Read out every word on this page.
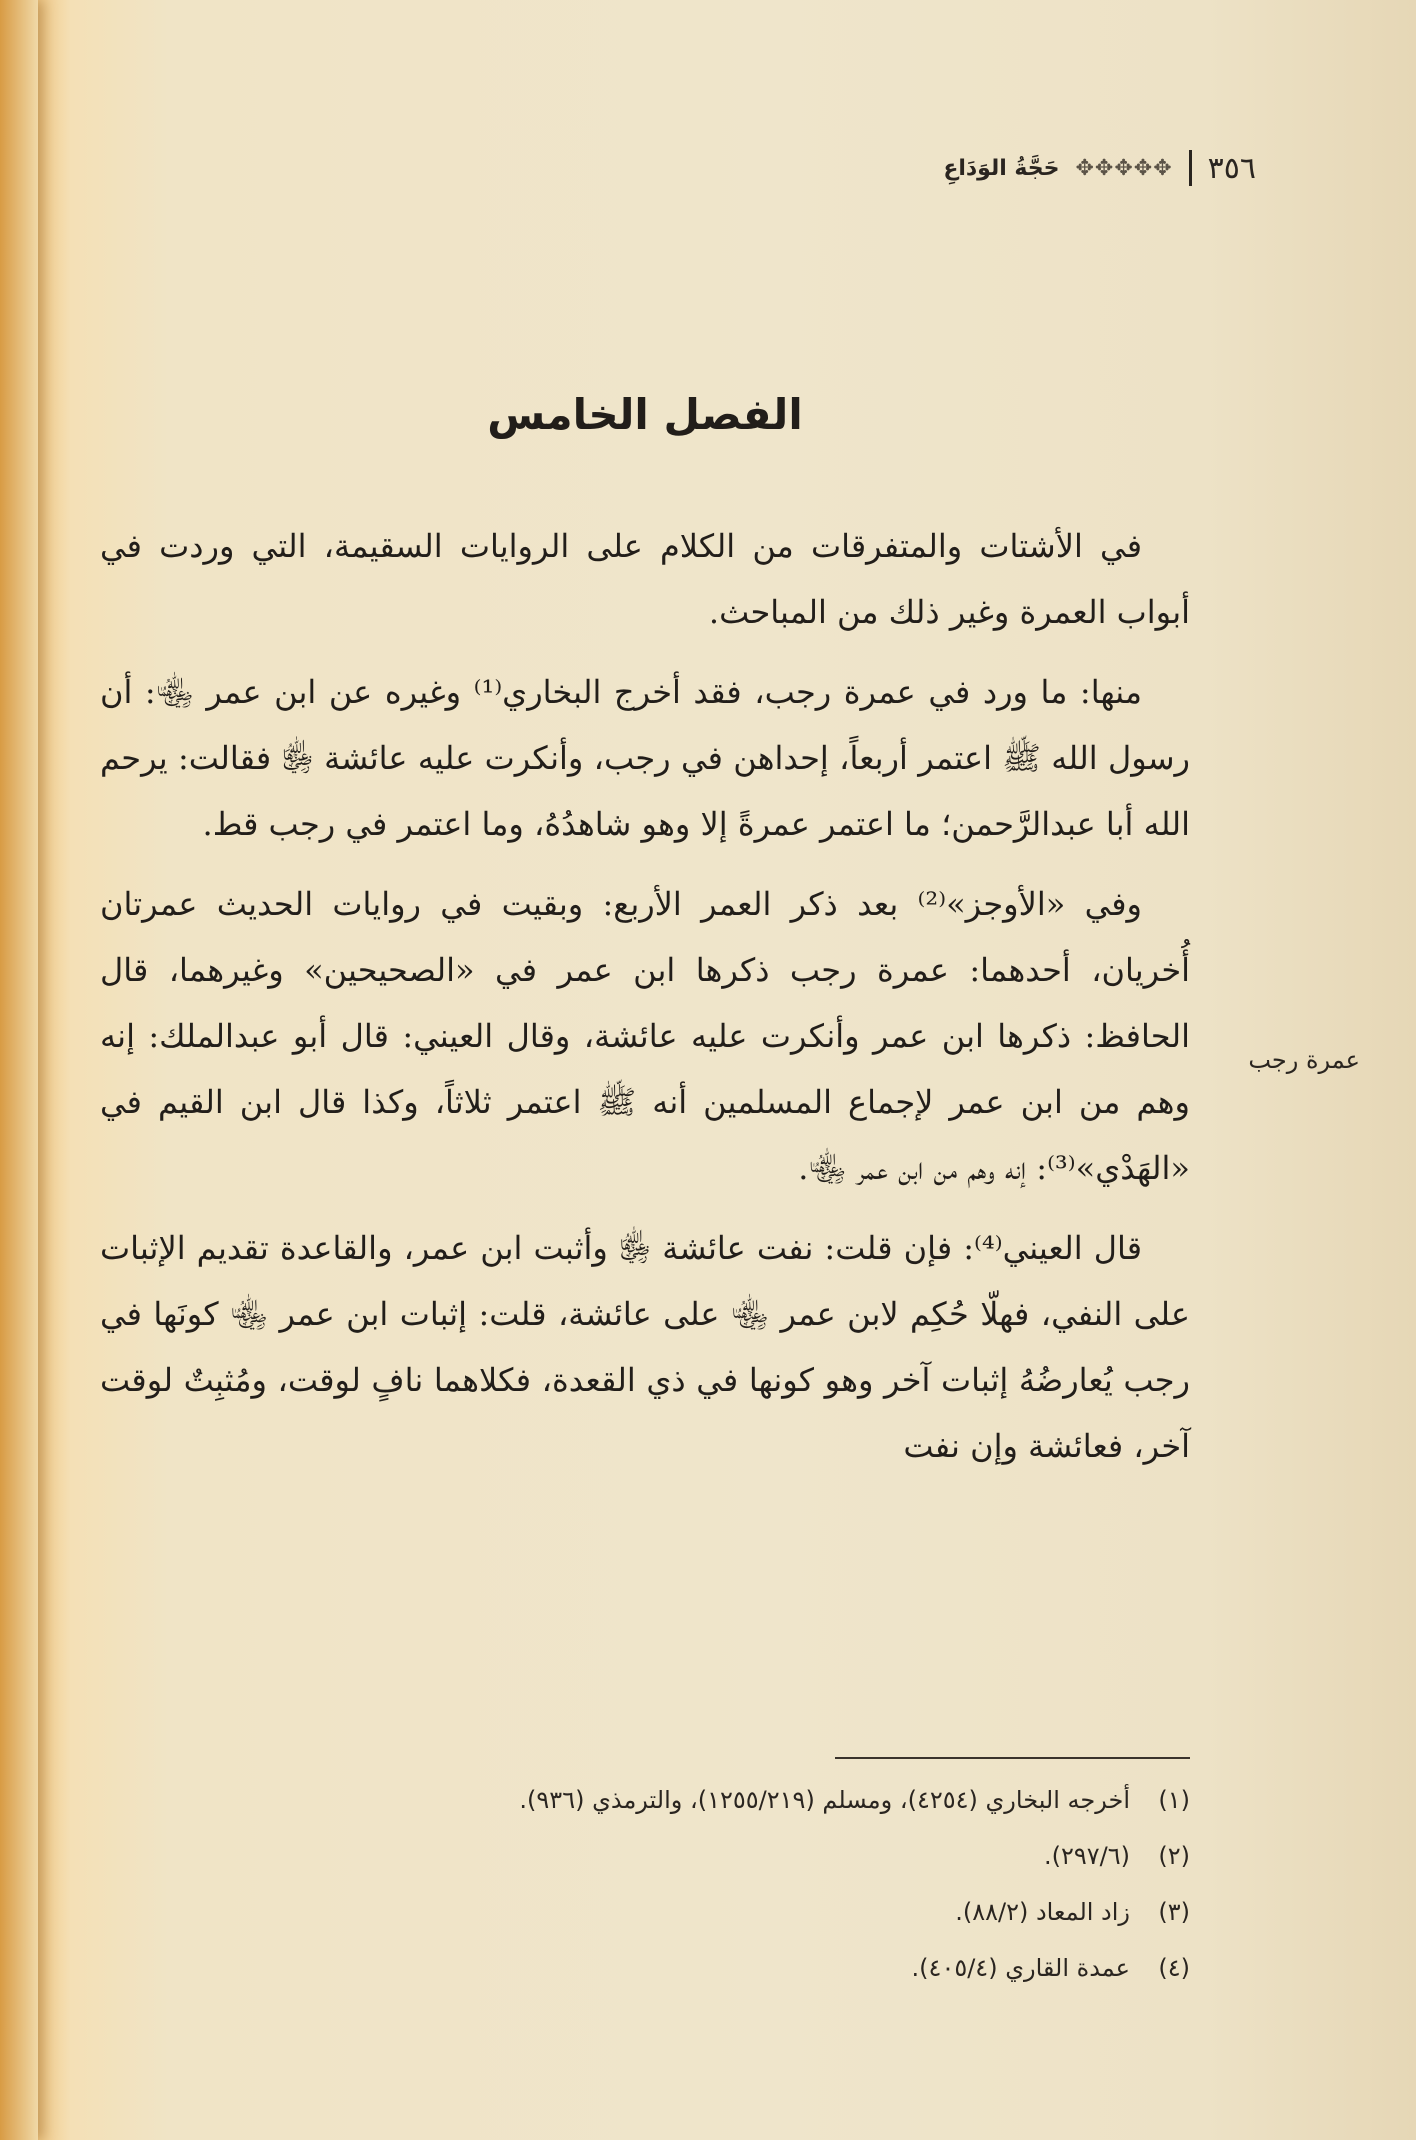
٣٥٦
✥✥✥✥✥
حَجَّةُ الوَدَاعِ
الفصل الخامس

في الأشتات والمتفرقات من الكلام على الروايات السقيمة، التي وردت في أبواب العمرة وغير ذلك من المباحث.

منها: ما ورد في عمرة رجب، فقد أخرج البخاري⁽¹⁾ وغيره عن ابن عمر ﵄: أن رسول الله ﷺ اعتمر أربعاً، إحداهن في رجب، وأنكرت عليه عائشة ﵂ فقالت: يرحم الله أبا عبدالرَّحمن؛ ما اعتمر عمرةً إلا وهو شاهدُهُ، وما اعتمر في رجب قط.

وفي «الأوجز»⁽²⁾ بعد ذكر العمر الأربع: وبقيت في روايات الحديث عمرتان أُخريان، أحدهما: عمرة رجب ذكرها ابن عمر في «الصحيحين» وغيرهما، قال الحافظ: ذكرها ابن عمر وأنكرت عليه عائشة، وقال العيني: قال أبو عبدالملك: إنه وهم من ابن عمر لإجماع المسلمين أنه ﷺ اعتمر ثلاثاً، وكذا قال ابن القيم في «الهَدْي»⁽³⁾: إنه وهم من ابن عمر ﵄.

قال العيني⁽⁴⁾: فإن قلت: نفت عائشة ﵂ وأثبت ابن عمر، والقاعدة تقديم الإثبات على النفي، فهلّا حُكِم لابن عمر ﵄ على عائشة، قلت: إثبات ابن عمر ﵄ كونَها في رجب يُعارضُهُ إثبات آخر وهو كونها في ذي القعدة، فكلاهما نافٍ لوقت، ومُثبِتٌ لوقت آخر، فعائشة وإن نفت

عمرة رجب
(١)
أخرجه البخاري (٤٢٥٤)، ومسلم (١٢٥٥/٢١٩)، والترمذي (٩٣٦).
(٢)
(٢٩٧/٦).
(٣)
زاد المعاد (٨٨/٢).
(٤)
عمدة القاري (٤٠٥/٤).
